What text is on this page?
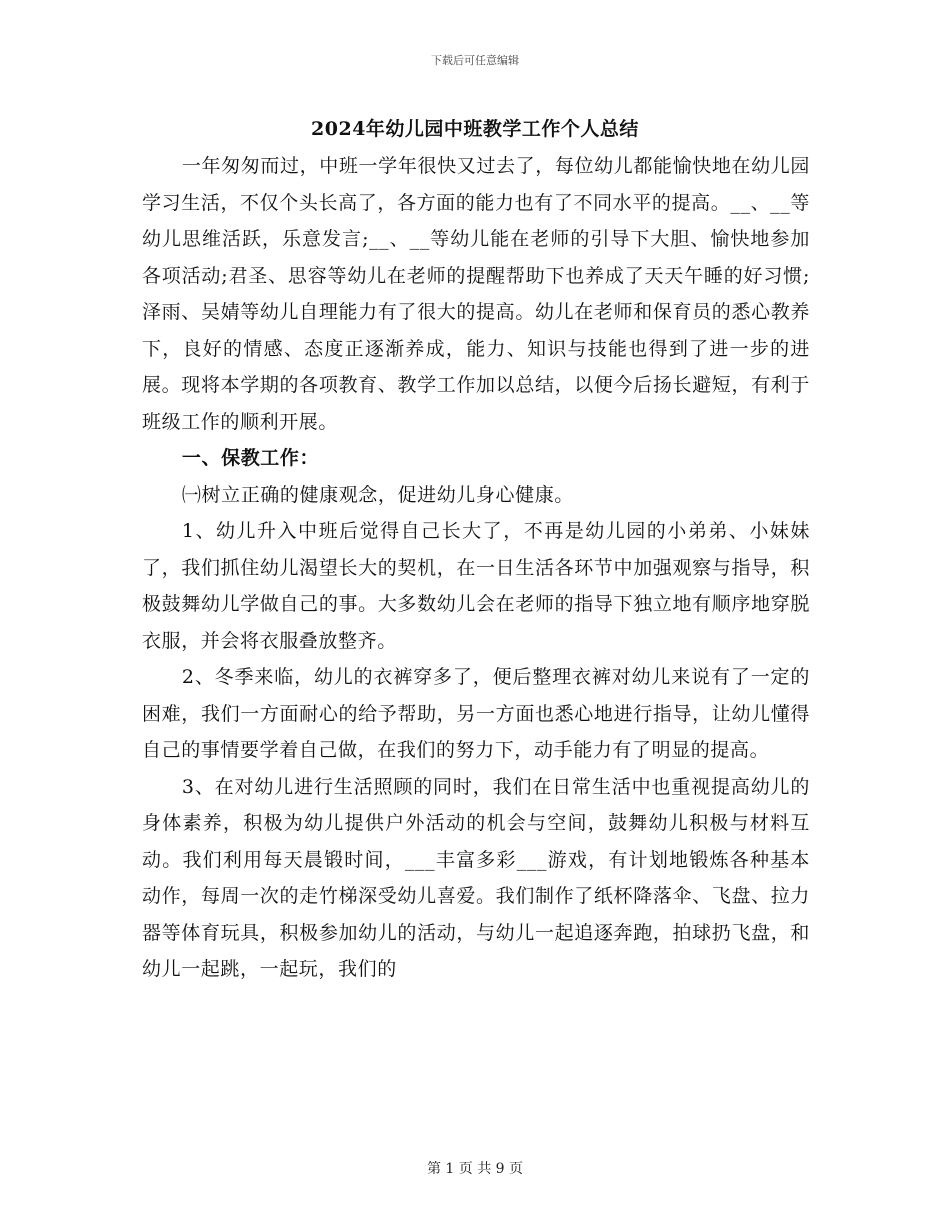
下载后可任意编辑
2024年幼儿园中班教学工作个人总结

一年匆匆而过，中班一学年很快又过去了，每位幼儿都能愉快地在幼儿园学习生活，不仅个头长高了，各方面的能力也有了不同水平的提高。__、__等幼儿思维活跃，乐意发言;__、__等幼儿能在老师的引导下大胆、愉快地参加各项活动;君圣、思容等幼儿在老师的提醒帮助下也养成了天天午睡的好习惯;泽雨、吴婧等幼儿自理能力有了很大的提高。幼儿在老师和保育员的悉心教养下，良好的情感、态度正逐渐养成，能力、知识与技能也得到了进一步的进展。现将本学期的各项教育、教学工作加以总结，以便今后扬长避短，有利于班级工作的顺利开展。

一、保教工作：

㈠树立正确的健康观念，促进幼儿身心健康。

1、幼儿升入中班后觉得自己长大了，不再是幼儿园的小弟弟、小妹妹了，我们抓住幼儿渴望长大的契机，在一日生活各环节中加强观察与指导，积极鼓舞幼儿学做自己的事。大多数幼儿会在老师的指导下独立地有顺序地穿脱衣服，并会将衣服叠放整齐。

2、冬季来临，幼儿的衣裤穿多了，便后整理衣裤对幼儿来说有了一定的困难，我们一方面耐心的给予帮助，另一方面也悉心地进行指导，让幼儿懂得自己的事情要学着自己做，在我们的努力下，动手能力有了明显的提高。

3、在对幼儿进行生活照顾的同时，我们在日常生活中也重视提高幼儿的身体素养，积极为幼儿提供户外活动的机会与空间，鼓舞幼儿积极与材料互动。我们利用每天晨锻时间，___丰富多彩___游戏，有计划地锻炼各种基本动作，每周一次的走竹梯深受幼儿喜爱。我们制作了纸杯降落伞、飞盘、拉力器等体育玩具，积极参加幼儿的活动，与幼儿一起追逐奔跑，拍球扔飞盘，和幼儿一起跳，一起玩，我们的

第 1 页 共 9 页
